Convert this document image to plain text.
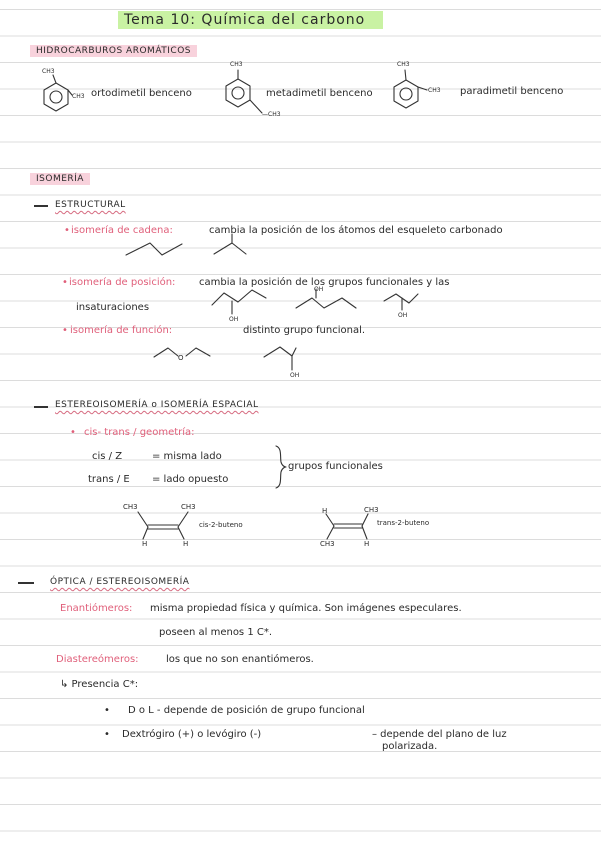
Tema 10: Química del carbono
HIDROCARBUROS AROMÁTICOS
CH3
CH3 ortodimetil benceno
CH3
—CH3
metadimetil benceno
CH3
CH3 paradimetil benceno
ISOMERÍA
ESTRUCTURAL
• isomería de cadena:	cambia la posición de los átomos del esqueleto carbonado
• isomería de posición: cambia la posición de los grupos funcionales y las
insaturaciones
OH
OH
OH
• isomería de función:	distinto grupo funcional.
O
OH
ESTEREOISOMERÍA o ISOMERÍA ESPACIAL
• cis- trans / geometría:
cis / Z	= misma lado
trans / E = lado opuesto
grupos funcionales
CH3	CH3
H	H
cis-2-buteno
H	CH3
CH3	H
trans-2-buteno
ÓPTICA / ESTEREOISOMERÍA
Enantiómeros: misma propiedad física y química. Son imágenes especulares.
poseen al menos 1 C*.
Diastereómeros:	los que no son enantiómeros.
↳ Presencia C*:
• D o L - depende de posición de grupo funcional
• Dextrógiro (+) o levógiro (-)	– depende del plano de luz
polarizada.
